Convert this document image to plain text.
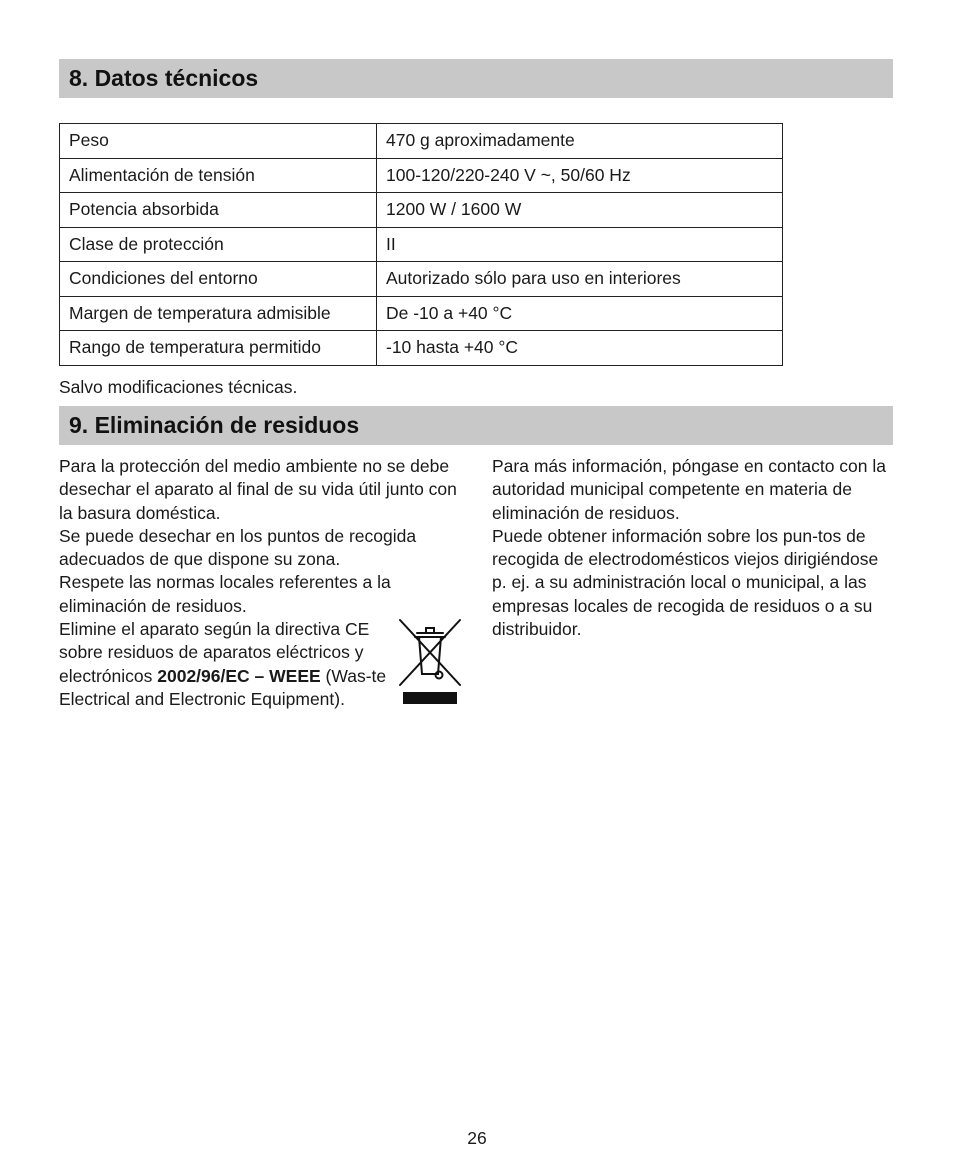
8. Datos técnicos
Peso	470 g aproximadamente
Alimentación de tensión	100-120/220-240 V ~, 50/60 Hz
Potencia absorbida	1200 W / 1600 W
Clase de protección	II
Condiciones del entorno	Autorizado sólo para uso en interiores
Margen de temperatura admisible	De -10 a +40 °C
Rango de temperatura permitido	-10 hasta +40 °C
Salvo modificaciones técnicas.
9. Eliminación de residuos

Para la protección del medio ambiente no se debe desechar el aparato al final de su vida útil junto con la basura doméstica.

Se puede desechar en los puntos de recogida adecuados de que dispone su zona.

Respete las normas locales referentes a la eliminación de residuos.

Elimine el aparato según la directiva CE sobre residuos de aparatos eléctricos y electrónicos 2002/96/EC – WEEE (Was-te Electrical and Electronic Equipment).

Para más información, póngase en contacto con la autoridad municipal competente en materia de eliminación de residuos.

Puede obtener información sobre los pun-tos de recogida de electrodomésticos viejos dirigiéndose p. ej. a su administración local o municipal, a las empresas locales de recogida de residuos o a su distribuidor.

26
